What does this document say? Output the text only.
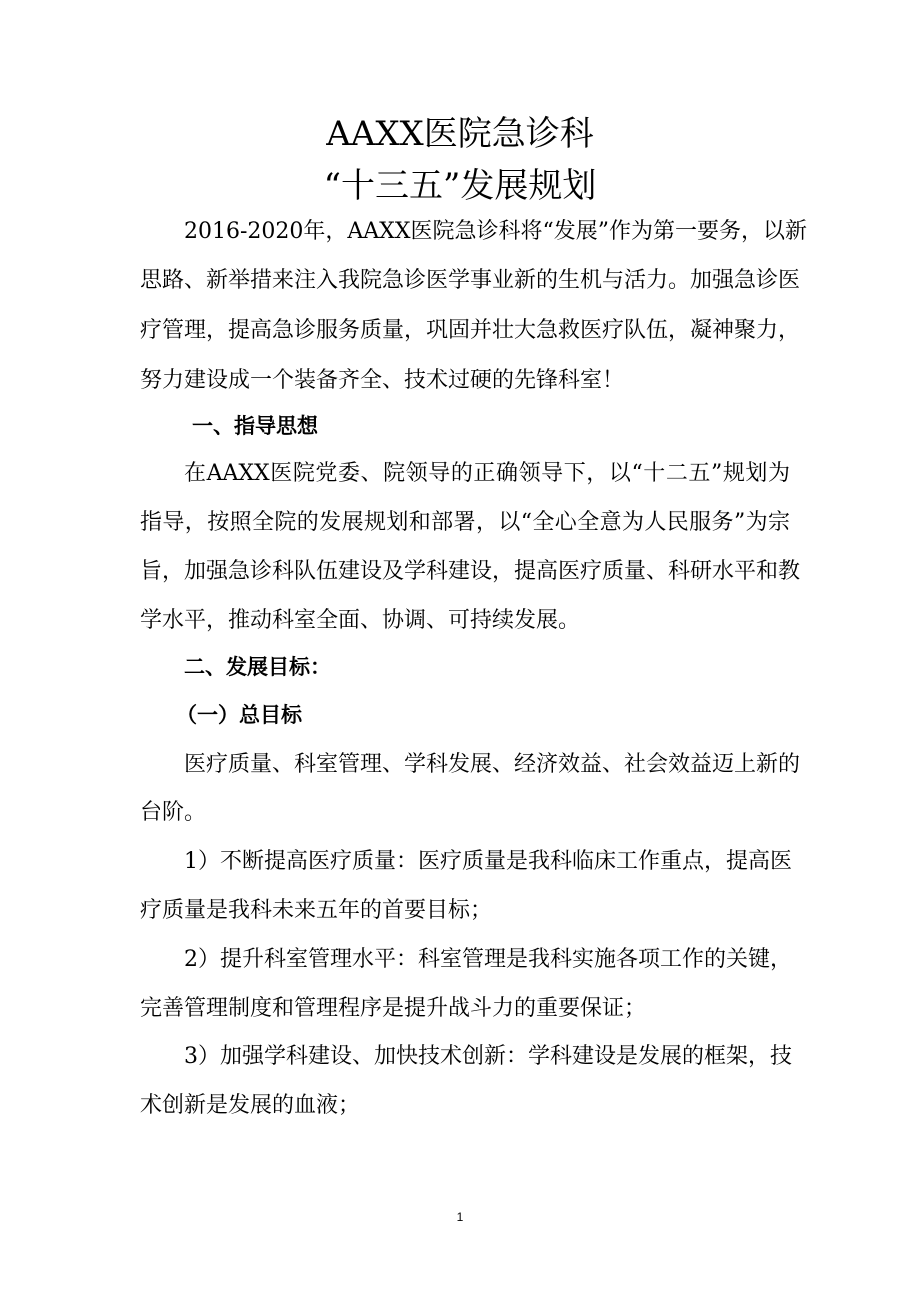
AAXX医院急诊科
“十三五”发展规划
2016-2020年，AAXX医院急诊科将“发展”作为第一要务，以新
思路、新举措来注入我院急诊医学事业新的生机与活力。加强急诊医
疗管理，提高急诊服务质量，巩固并壮大急救医疗队伍，凝神聚力，
努力建设成一个装备齐全、技术过硬的先锋科室！
一、指导思想
在AAXX医院党委、院领导的正确领导下，以“十二五”规划为
指导，按照全院的发展规划和部署，以“全心全意为人民服务”为宗
旨，加强急诊科队伍建设及学科建设，提高医疗质量、科研水平和教
学水平，推动科室全面、协调、可持续发展。
二、发展目标：
（一）总目标
医疗质量、科室管理、学科发展、经济效益、社会效益迈上新的
台阶。
1）不断提高医疗质量：医疗质量是我科临床工作重点，提高医
疗质量是我科未来五年的首要目标；
2）提升科室管理水平：科室管理是我科实施各项工作的关键，
完善管理制度和管理程序是提升战斗力的重要保证；
3）加强学科建设、加快技术创新：学科建设是发展的框架，技
术创新是发展的血液；
1
